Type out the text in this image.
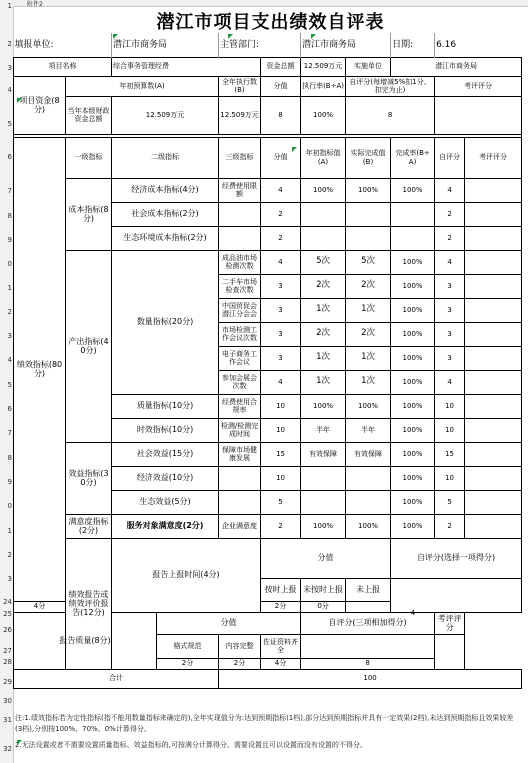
1
2
3
4
5
6
7
8
9
0
1
2
3
4
5
6
7
8
9
0
1
2
3
24
25
26
27
28
29
30
31
32
附件2
潜江市项目支出绩效自评表
填报单位:		潜江市商务局		主管部门:		潜江市商务局		日期:	6.16		
项目名称		综合事务管理经费			资金总额	12.509万元	实施单位	潜江市商务局			
项目资金(8分)	年初预算数(A)			全年执行数(B)	分值	执行率(B÷A)	自评分(每增减5%扣1分、扣完为止)		考评评分		
	当年本级财政资金总额	12.509万元		12.509万元	8	100%	8				

绩效指标(80分)	一级指标	二级指标		三级指标	分值	年初指标值(A)	实际完成值(B)	完成率(B÷A)	自评分	考评评分	
	成本指标(8分)	经济成本指标(4分)		经费使用限额	4	100%	100%	100%	4		
		社会成本指标(2分)			2				2		
		生态环境成本指标(2分)			2				2		
	产出指标(40分)	数量指标(20分)		成品油市场检测次数	4	5次	5次	100%	4		
				二手车市场检查次数	3	2次	2次	100%	3		
				中国贸促会潜江分会会	3	1次	1次	100%	3		
				市场检测工作会议次数	3	2次	2次	100%	3		
				电子商务工作会议	3	1次	1次	100%	3		
				参加会展会次数	4	1次	1次	100%	4		
		质量指标(10分)		经费使用合规率	10	100%	100%	100%	10		
		时效指标(10分)		检测/检测完成时间	10	半年	半年	100%	10		
	效益指标(30分)	社会效益(15分)		保障市场健康发展	15	有效保障	有效保障	100%	15		
		经济效益(10分)			10			100%	10		
		生态效益(5分)			5			100%	5		
	满意度指标(2分)	服务对象满意度(2分)		企业满意度	2	100%	100%	100%	2		
	绩效报告或绩效评价报告(12分)	报告上报时间(4分)			分值			自评分(选择一项得分)	
					按时上报	未按时上报	未上报				
4分					2分	0分					
报告质量(8分)			分值			自评分(三项相加得分)			考评评分		
			格式规范	内容完整	佐证资料齐全						
			2分	2分	4分	8					
合计				100							
4
注:1.绩效指标若为定性指标(指不能用数量指标来确定的),全年实现值分为:达到预期指标(1档),部分达到预期指标并具有一定效果(2档),未达到预期指标且效果较差(3档),分别按100%、70%、0%计算得分。
2.无法设置或者不需要设置质量指标、效益指标的,可按满分计算得分。需要设置且可以设置而没有设置的不得分。
